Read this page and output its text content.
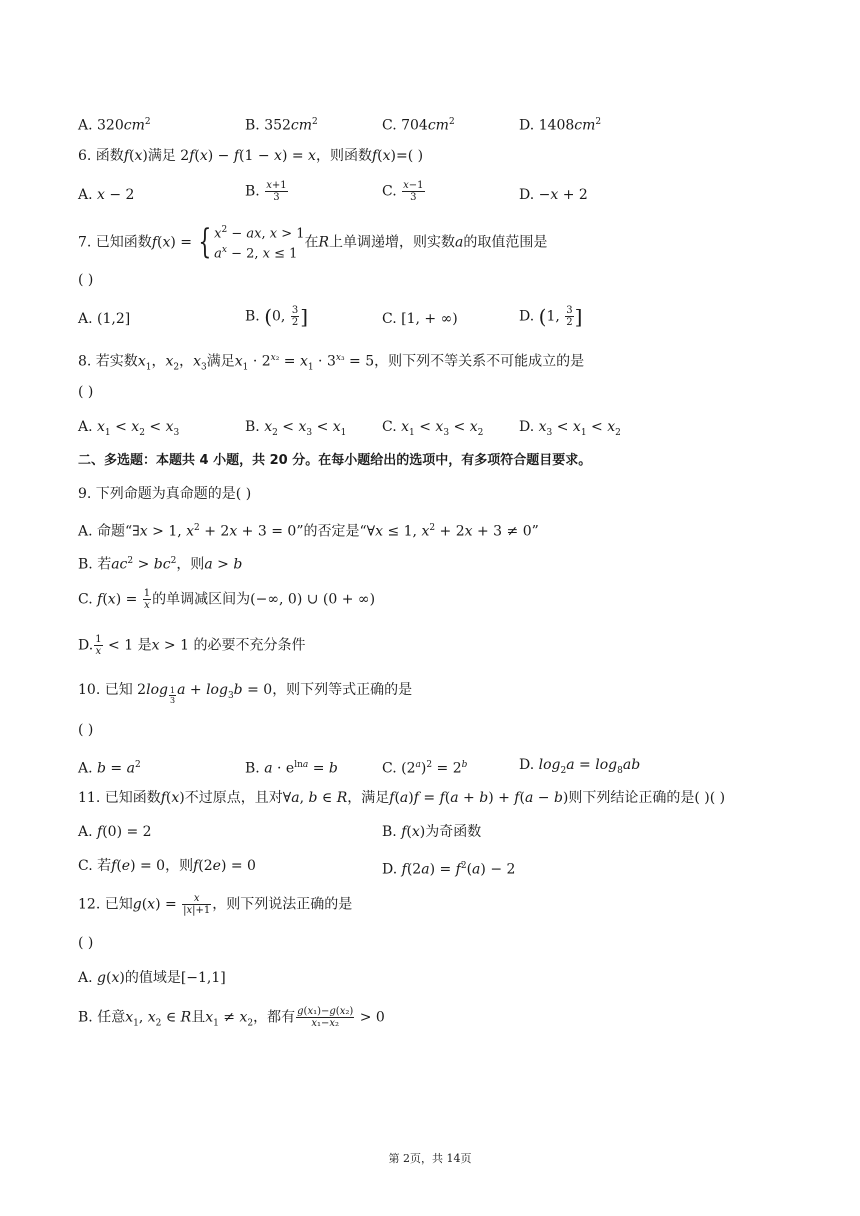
A. $320cm^2$	B. $352cm^2$	C. $704cm^2$	D. $1408cm^2$
6. 函数f(x)满足 2f(x) − f(1 − x) = x，则函数f(x)=( )
A. x − 2	B. $\frac{x+1}{3}$	C. $\frac{x-1}{3}$	D. −x + 2
7. 已知函数f(x) = { $x^2$ − ax, x > 1
$a^x - 2$, x ≤ 1
在R上单调递增，则实数a的取值范围是
( )
A. (1,2]	B. (0, $\frac{3}{2}$ ]	C. [1, + ∞)	D. (1, $\frac{3}{2}$ ]
8. 若实数$x_1$，$x_2$，$x_3$满足$x_1 \cdot 2^{x_2} = x_1 \cdot 3^{x_3} = 5$，则下列不等关系不可能成立的是
( )
A. $x_1 < x_2 < x_3$	B. $x_2 < x_3 < x_1$	C. $x_1 < x_3 < x_2$	D. $x_3 < x_1 < x_2$
二、多选题：本题共 4 小题，共 20 分。在每小题给出的选项中，有多项符合题目要求。
9. 下列命题为真命题的是( )
A. 命题“∃x > 1, $x^2 + 2x + 3 = 0$”的否定是“∀x ≤ 1, $x^2 + 2x + 3 \ne 0$”
B. 若$ac^2 > bc^2$，则a > b
C. $f(x) = \frac{1}{x}$ 的单调减区间为(−∞, 0) ∪ (0 + ∞)
D. $\frac{1}{x} < 1$ 是x > 1 的必要不充分条件
10. 已知 2log $_{\frac{1}{3}}$ $a + \log_3b = 0$，则下列等式正确的是
( )
A. $b = a^2$	B. $a \cdot e^{lna} = b$	C. $(2^a)^2 = 2^b$	D. $\log_2a = \log_8ab$
11. 已知函数f(x)不过原点，且对∀a, b ∈ R，满足f(a)f = f(a + b) + f(a − b)则下列结论正确的是( )( )
A. f(0) = 2	B. f(x)为奇函数
C. 若f(e) = 0，则f(2e) = 0	D. $f(2a) = f^2(a) - 2$
12. 已知$g(x) = \frac{x}{|x|+1}$ ，则下列说法正确的是
( )
A. g(x)的值域是[−1,1]
B. 任意$x_1$, $x_2$ ∈ R且$x_1 \ne x_2$，都有 $\frac{\text{g(x₁)−g(x₂)}}{\text{x₁−x₂}} > 0$
第 2页，共 14页
